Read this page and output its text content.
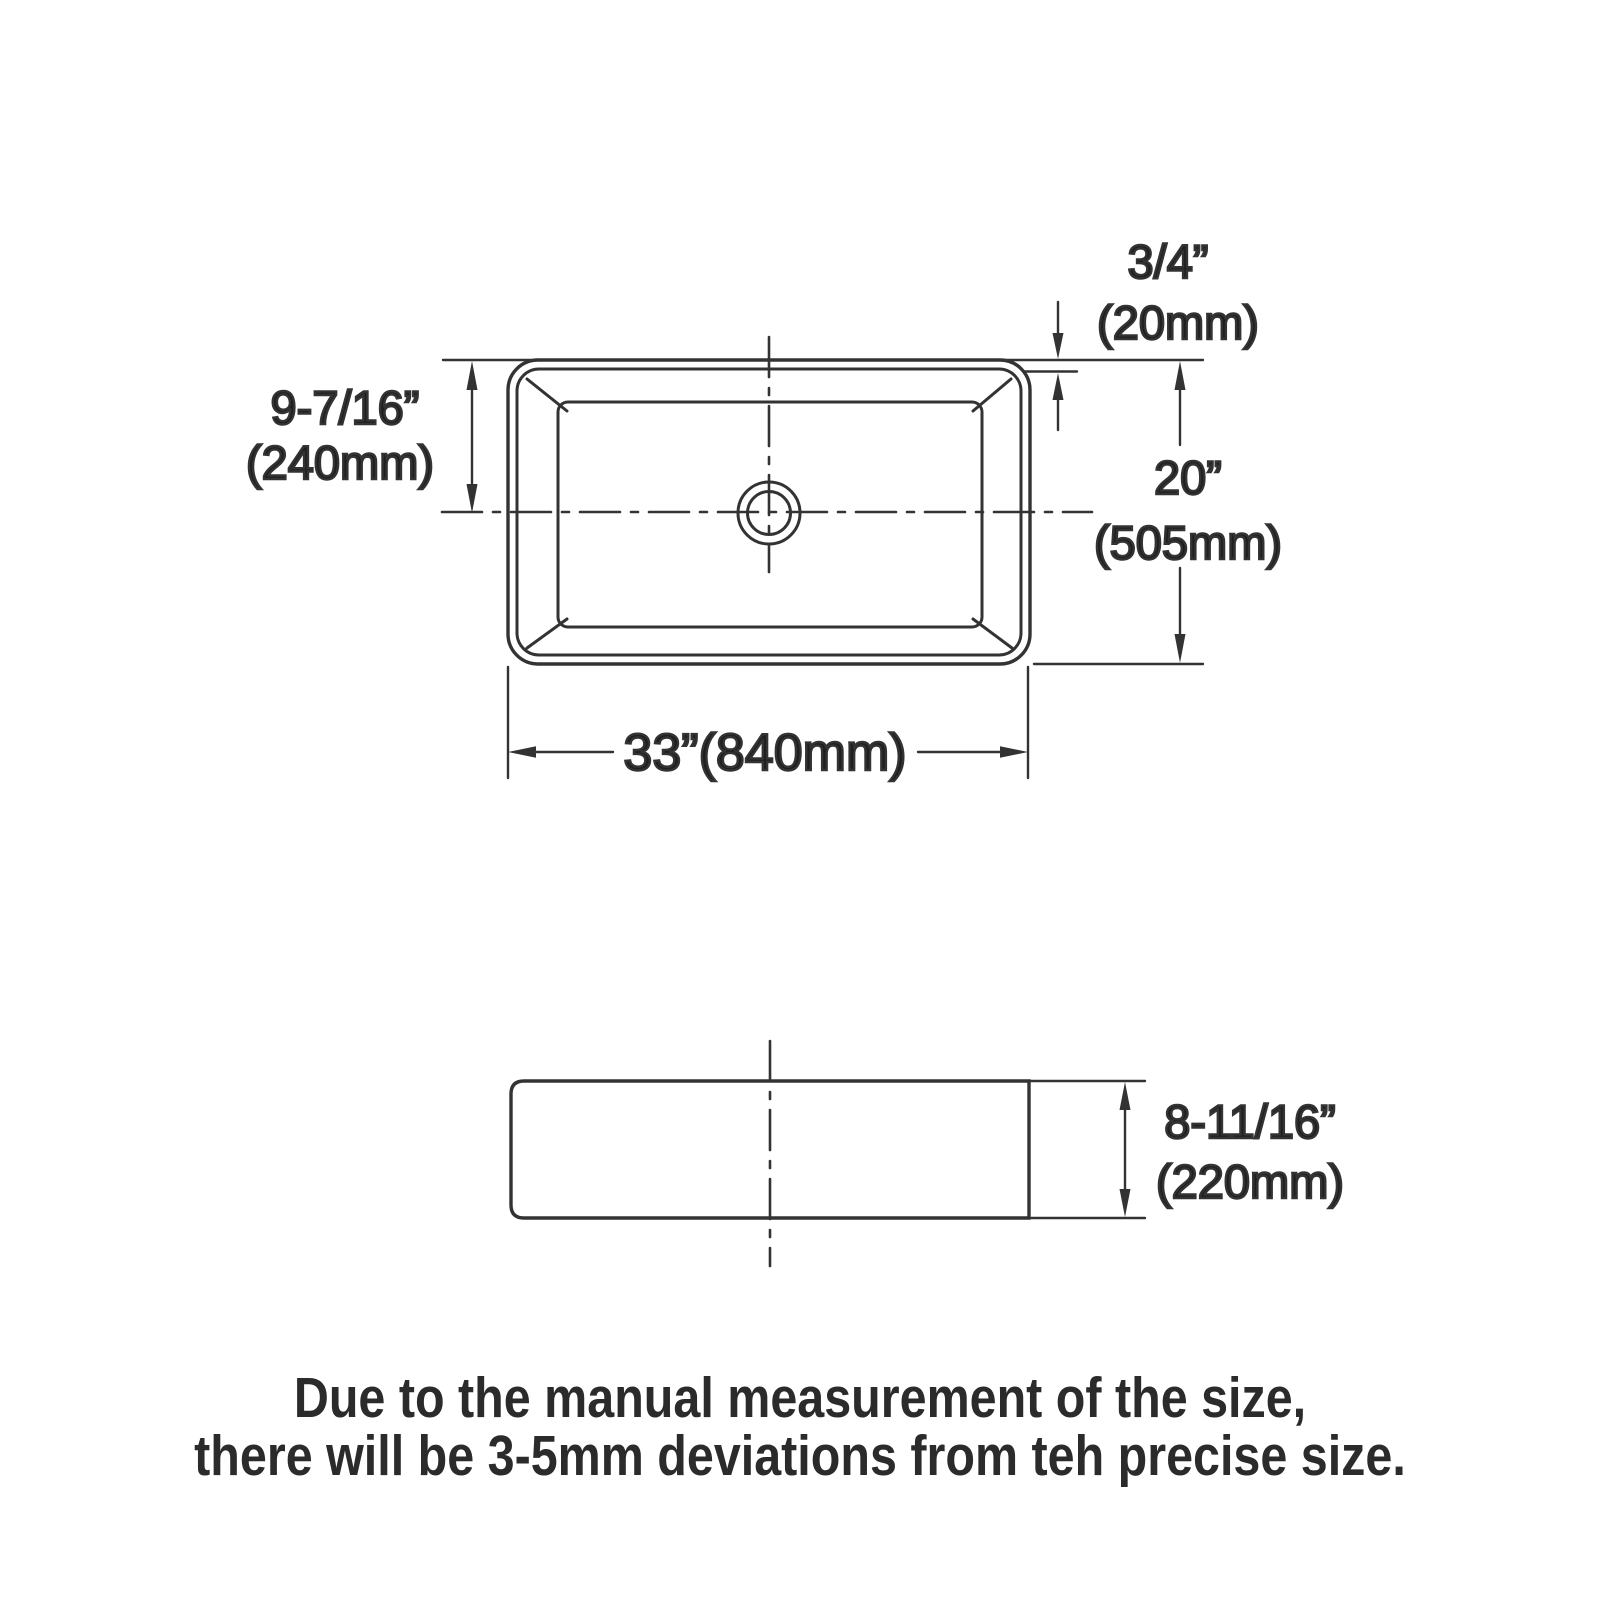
9-7/16”
(240mm)
3/4”
(20mm)
20”
(505mm)
33”(840mm)
8-11/16”
(220mm)
Due to the manual measurement of the size,
there will be 3-5mm deviations from teh precise size.
